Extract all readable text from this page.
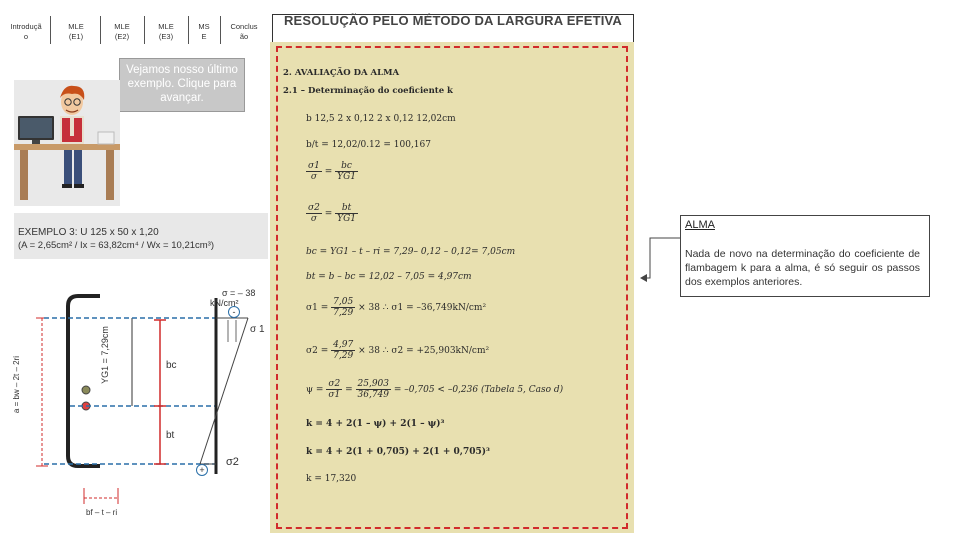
Introduçã
o
MLE
(E1)
MLE
(E2)
MLE
(E3)
MS
E
Conclus
ão
RESOLUÇÃO PELO MÉTODO DA LARGURA EFETIVA
2. AVALIAÇÃO DA ALMA
2.1 – Determinação do coeficiente k
b 12,5 2 x 0,12 2 x 0,12 12,02cm
b/t = 12,02/0.12 = 100,167
$\frac{\sigma 1}{\sigma} = \frac{bc}{YG1}$
$\frac{\sigma 2}{\sigma} = \frac{bt}{YG1}$
bc = YG1 – t – ri = 7,29– 0,12 – 0,12= 7,05cm
bt = b – bc = 12,02 – 7,05 = 4,97cm
$\sigma 1 = \frac{7,05}{7,29} \times 38$ ∴ σ1 = –36,749kN/cm²
$\sigma 2 = \frac{4,97}{7,29} \times 38$ ∴ σ2 = +25,903kN/cm²
$\psi = \frac{\sigma 2}{\sigma 1} = \frac{25,903}{36,749} = -0,705 < -0,236$ (Tabela 5, Caso d)
k = 4 + 2(1 – ψ) + 2(1 – ψ)³
k = 4 + 2(1 + 0,705) + 2(1 + 0,705)³
k = 17,320
Vejamos nosso último exemplo. Clique para avançar.
EXEMPLO 3: U 125 x 50 x 1,20
(A = 2,65cm² / Ix = 63,82cm⁴ / Wx = 10,21cm³)
σ = – 38
kN/cm²
-
+
σ 1
σ2
YG1 = 7,29cm	bc
bt
a = bw – 2t – 2ri
bf – t – ri
ALMA
Nada de novo na determinação do coeficiente de flambagem k para a alma, é só seguir os passos dos exemplos anteriores.
